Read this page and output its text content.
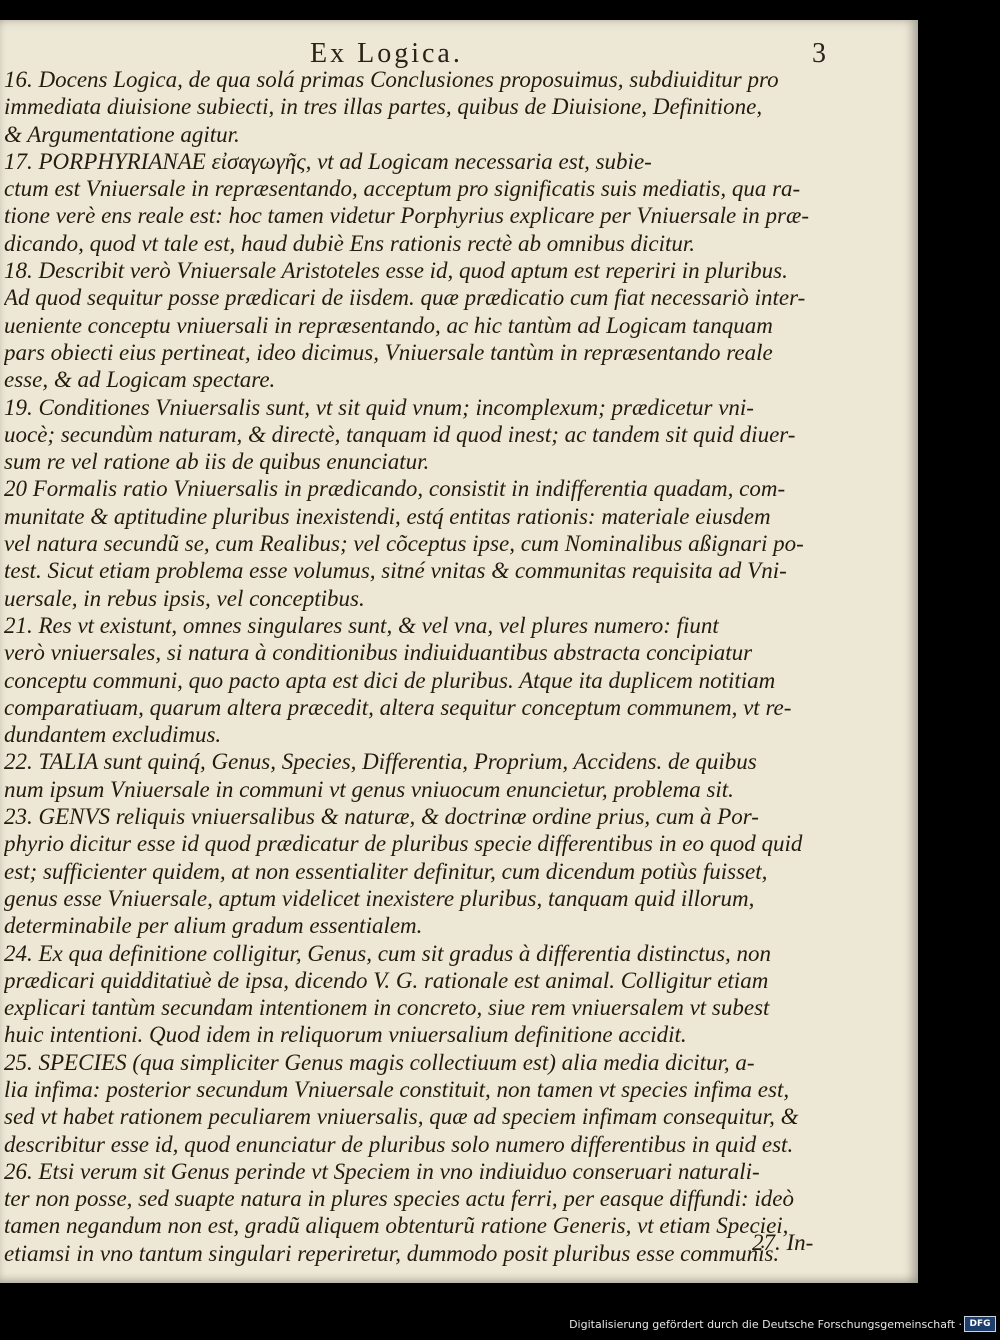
Ex Logica.	3
16. Docens Logica, de qua solá primas Conclusiones proposuimus, subdiuiditur pro
immediata diuisione subiecti, in tres illas partes, quibus de Diuisione, Definitione,
& Argumentatione agitur.
17. PORPHYRIANAE εἰσαγωγῆς, vt ad Logicam necessaria est, subie-
ctum est Vniuersale in repræsentando, acceptum pro significatis suis mediatis, qua ra-
tione verè ens reale est: hoc tamen videtur Porphyrius explicare per Vniuersale in præ-
dicando, quod vt tale est, haud dubiè Ens rationis rectè ab omnibus dicitur.
18. Describit verò Vniuersale Aristoteles esse id, quod aptum est reperiri in pluribus.
Ad quod sequitur posse prædicari de iisdem. quæ prædicatio cum fiat necessariò inter-
ueniente conceptu vniuersali in repræsentando, ac hic tantùm ad Logicam tanquam
pars obiecti eius pertineat, ideo dicimus, Vniuersale tantùm in repræsentando reale
esse, & ad Logicam spectare.
19. Conditiones Vniuersalis sunt, vt sit quid vnum; incomplexum; prædicetur vni-
uocè; secundùm naturam, & directè, tanquam id quod inest; ac tandem sit quid diuer-
sum re vel ratione ab iis de quibus enunciatur.
20 Formalis ratio Vniuersalis in prædicando, consistit in indifferentia quadam, com-
munitate & aptitudine pluribus inexistendi, estq́ entitas rationis: materiale eiusdem
vel natura secundũ se, cum Realibus; vel cõceptus ipse, cum Nominalibus aßignari po-
test. Sicut etiam problema esse volumus, sitné vnitas & communitas requisita ad Vni-
uersale, in rebus ipsis, vel conceptibus.
21. Res vt existunt, omnes singulares sunt, & vel vna, vel plures numero: fiunt
verò vniuersales, si natura à conditionibus indiuiduantibus abstracta concipiatur
conceptu communi, quo pacto apta est dici de pluribus. Atque ita duplicem notitiam
comparatiuam, quarum altera præcedit, altera sequitur conceptum communem, vt re-
dundantem excludimus.
22. TALIA sunt quinq́, Genus, Species, Differentia, Proprium, Accidens. de quibus
num ipsum Vniuersale in communi vt genus vniuocum enuncietur, problema sit.
23. GENVS reliquis vniuersalibus & naturæ, & doctrinæ ordine prius, cum à Por-
phyrio dicitur esse id quod prædicatur de pluribus specie differentibus in eo quod quid
est; sufficienter quidem, at non essentialiter definitur, cum dicendum potiùs fuisset,
genus esse Vniuersale, aptum videlicet inexistere pluribus, tanquam quid illorum,
determinabile per alium gradum essentialem.
24. Ex qua definitione colligitur, Genus, cum sit gradus à differentia distinctus, non
prædicari quidditatiuè de ipsa, dicendo V. G. rationale est animal. Colligitur etiam
explicari tantùm secundam intentionem in concreto, siue rem vniuersalem vt subest
huic intentioni. Quod idem in reliquorum vniuersalium definitione accidit.
25. SPECIES (qua simpliciter Genus magis collectiuum est) alia media dicitur, a-
lia infima: posterior secundum Vniuersale constituit, non tamen vt species infima est,
sed vt habet rationem peculiarem vniuersalis, quæ ad speciem infimam consequitur, &
describitur esse id, quod enunciatur de pluribus solo numero differentibus in quid est.
26. Etsi verum sit Genus perinde vt Speciem in vno indiuiduo conseruari naturali-
ter non posse, sed suapte natura in plures species actu ferri, per easque diffundi: ideò
tamen negandum non est, gradũ aliquem obtenturũ ratione Generis, vt etiam Speciei,
etiamsi in vno tantum singulari reperiretur, dummodo posit pluribus esse communis.
27. In-
Digitalisierung gefördert durch die Deutsche Forschungsgemeinschaft · DFG
